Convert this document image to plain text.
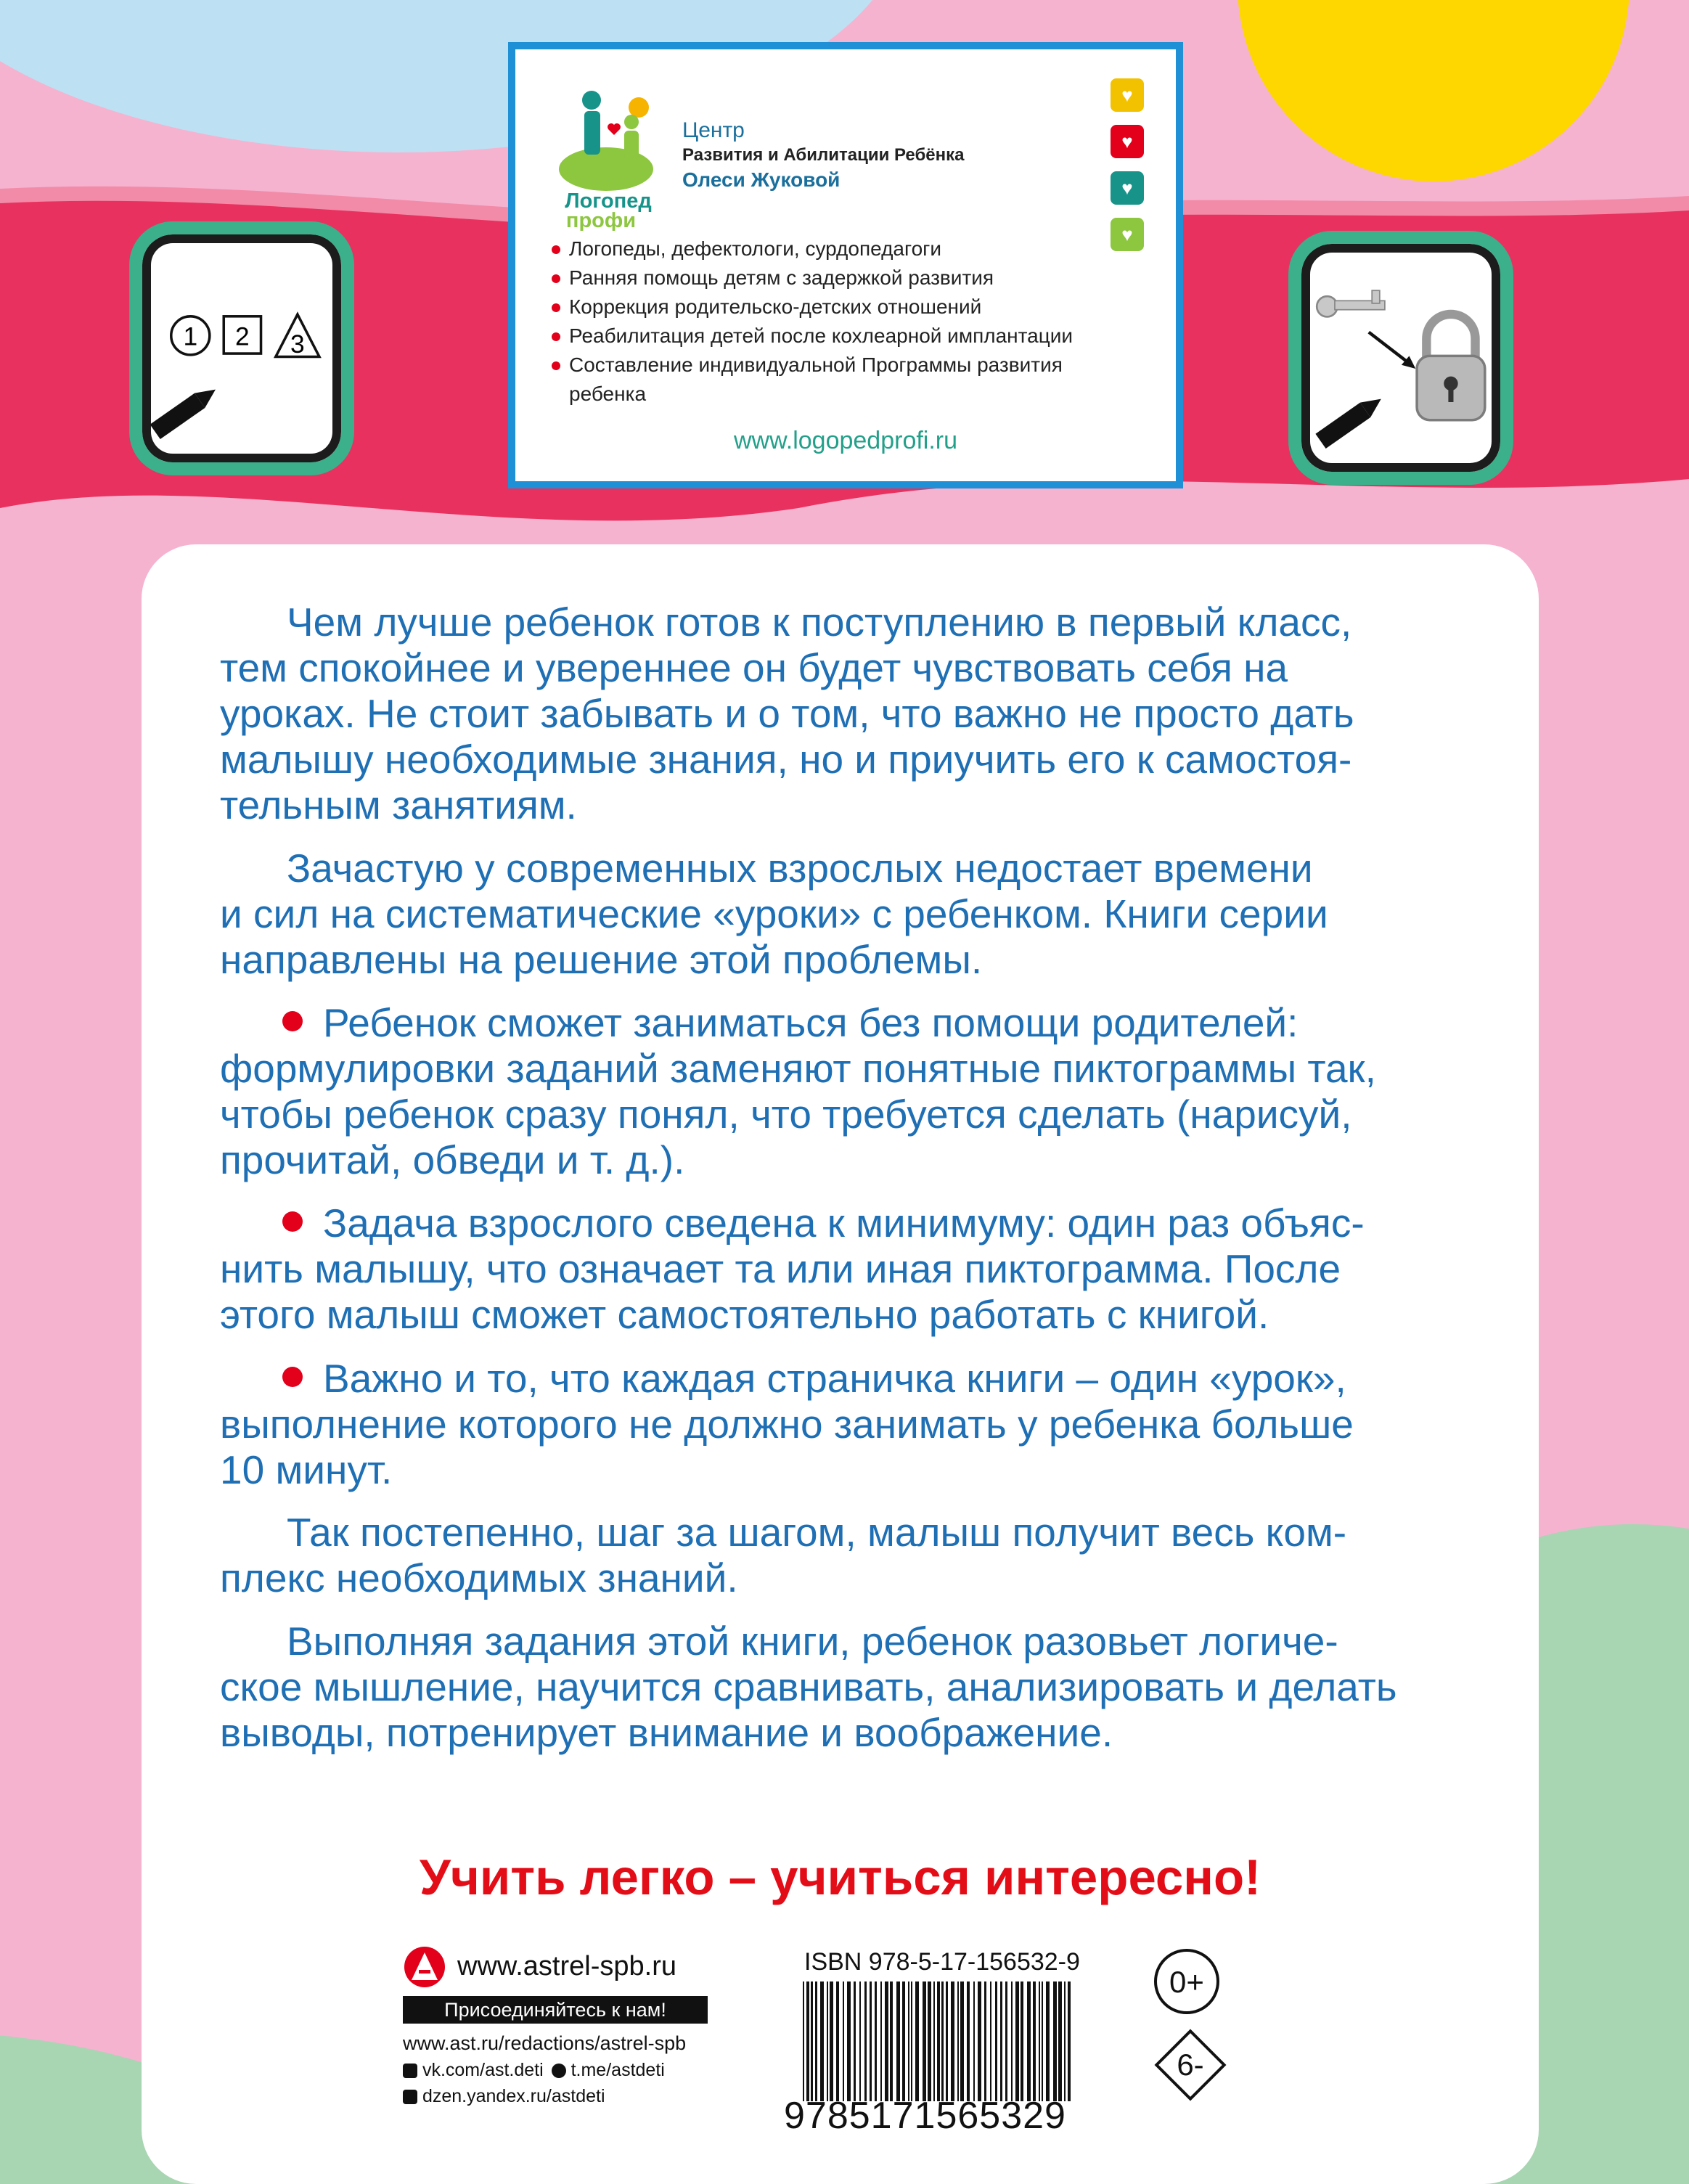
1 2 3
Логопед
профи
Центр
Развития и Абилитации Ребёнка
Олеси Жуковой
♥
♥
♥
♥
Логопеды, дефектологи, сурдопедагоги
Ранняя помощь детям с задержкой развития
Коррекция родительско-детских отношений
Реабилитация детей после кохлеарной имплантации
Составление индивидуальной Программы развития
ребенка
www.logopedprofi.ru
Чем лучше ребенок готов к поступлению в первый класс,
тем спокойнее и увереннее он будет чувствовать себя на
уроках. Не стоит забывать и о том, что важно не просто дать
малышу необходимые знания, но и приучить его к самостоя-
тельным занятиям.
Зачастую у современных взрослых недостает времени
и сил на систематические «уроки» с ребенком. Книги серии
направлены на решение этой проблемы.
Ребенок сможет заниматься без помощи родителей:
формулировки заданий заменяют понятные пиктограммы так,
чтобы ребенок сразу понял, что требуется сделать (нарисуй,
прочитай, обведи и т. д.).
Задача взрослого сведена к минимуму: один раз объяс-
нить малышу, что означает та или иная пиктограмма. После
этого малыш сможет самостоятельно работать с книгой.
Важно и то, что каждая страничка книги – один «урок»,
выполнение которого не должно занимать у ребенка больше
10 минут.
Так постепенно, шаг за шагом, малыш получит весь ком-
плекс необходимых знаний.
Выполняя задания этой книги, ребенок разовьет логиче-
ское мышление, научится сравнивать, анализировать и делать
выводы, потренирует внимание и воображение.
Учить легко – учиться интересно!
www.astrel-spb.ru
Присоединяйтесь к нам!
www.ast.ru/redactions/astrel-spb
vk.com/ast.deti t.me/astdeti
dzen.yandex.ru/astdeti
ISBN 978-5-17-156532-9
9785171565329
0+
6-
